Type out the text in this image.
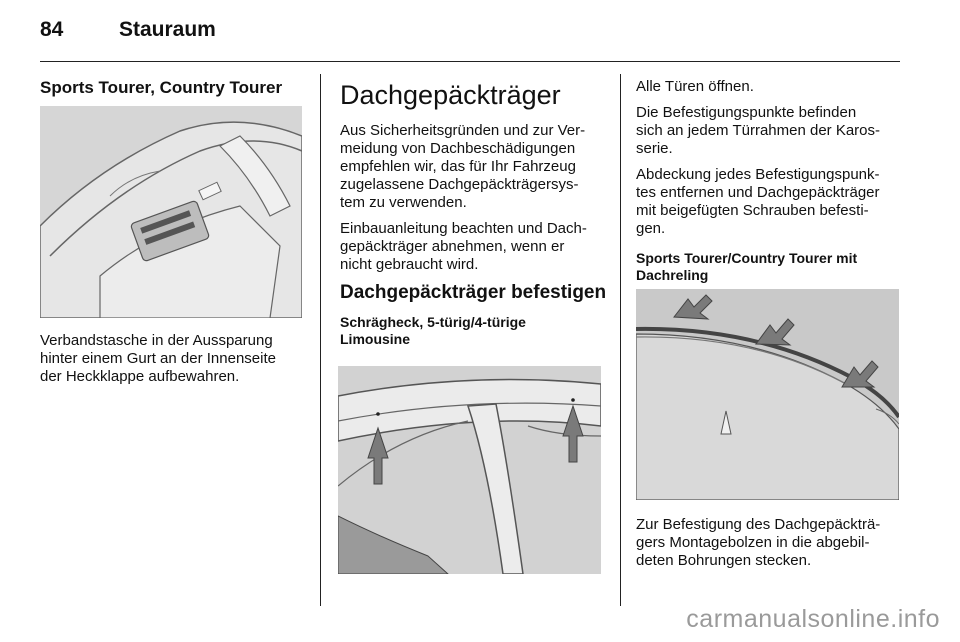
84	Stauraum
Sports Tourer, Country Tourer

Verbandstasche in der Aussparung
hinter einem Gurt an der Innenseite
der Heckklappe aufbewahren.

Dachgepäckträger

Aus Sicherheitsgründen und zur Ver-
meidung von Dachbeschädigungen
empfehlen wir, das für Ihr Fahrzeug
zugelassene Dachgepäckträgersys-
tem zu verwenden.

Einbauanleitung beachten und Dach-
gepäckträger abnehmen, wenn er
nicht gebraucht wird.

Dachgepäckträger befestigen
Schrägheck, 5-türig/4-türige
Limousine

Alle Türen öffnen.

Die Befestigungspunkte befinden
sich an jedem Türrahmen der Karos-
serie.

Abdeckung jedes Befestigungspunk-
tes entfernen und Dachgepäckträger
mit beigefügten Schrauben befesti-
gen.

Sports Tourer/Country Tourer mit
Dachreling

Zur Befestigung des Dachgepäckträ-
gers Montagebolzen in die abgebil-
deten Bohrungen stecken.

carmanualsonline.info
